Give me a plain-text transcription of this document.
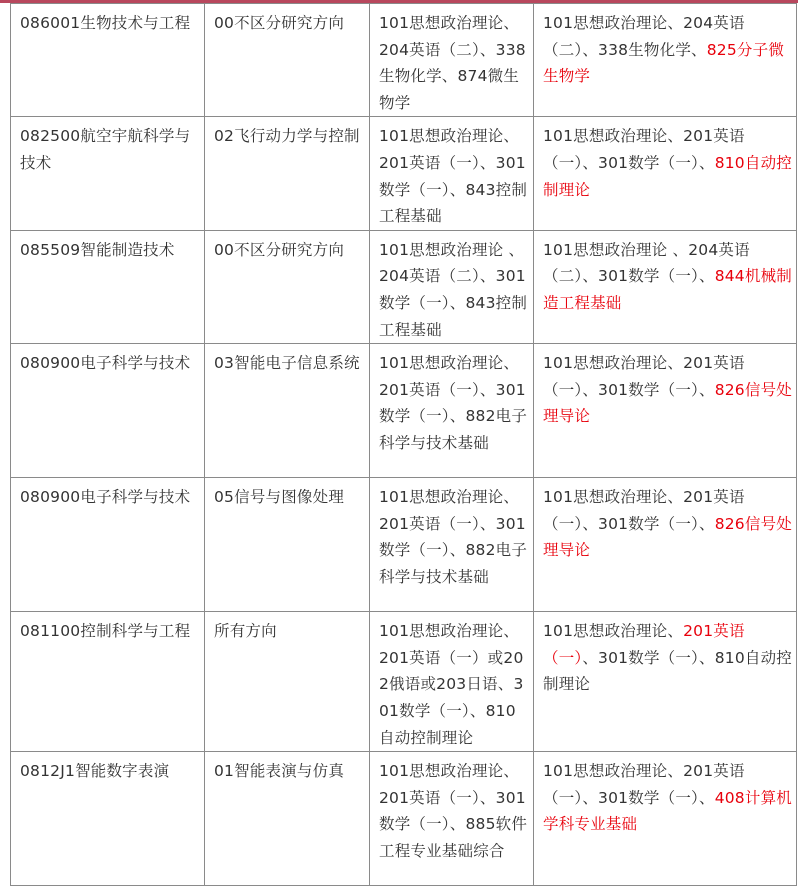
086001生物技术与工程	00不区分研究方向	101思想政治理论、204英语（二）、338生物化学、874微生物学	101思想政治理论、204英语（二）、338生物化学、825分子微生物学
082500航空宇航科学与技术	02飞行动力学与控制	101思想政治理论、201英语（一）、301数学（一）、843控制工程基础	101思想政治理论、201英语（一）、301数学（一）、810自动控制理论
085509智能制造技术	00不区分研究方向	101思想政治理论 、204英语（二）、301数学（一）、843控制工程基础	101思想政治理论 、204英语（二）、301数学（一）、844机械制造工程基础
080900电子科学与技术	03智能电子信息系统	101思想政治理论、201英语（一）、301数学（一）、882电子科学与技术基础	101思想政治理论、201英语（一）、301数学（一）、826信号处理导论
080900电子科学与技术	05信号与图像处理	101思想政治理论、201英语（一）、301数学（一）、882电子科学与技术基础	101思想政治理论、201英语（一）、301数学（一）、826信号处理导论
081100控制科学与工程	所有方向	101思想政治理论、201英语（一）或202俄语或203日语、301数学（一）、810自动控制理论	101思想政治理论、201英语（一）、301数学（一）、810自动控制理论
0812J1智能数字表演	01智能表演与仿真	101思想政治理论、201英语（一）、301数学（一）、885软件工程专业基础综合	101思想政治理论、201英语（一）、301数学（一）、408计算机学科专业基础
